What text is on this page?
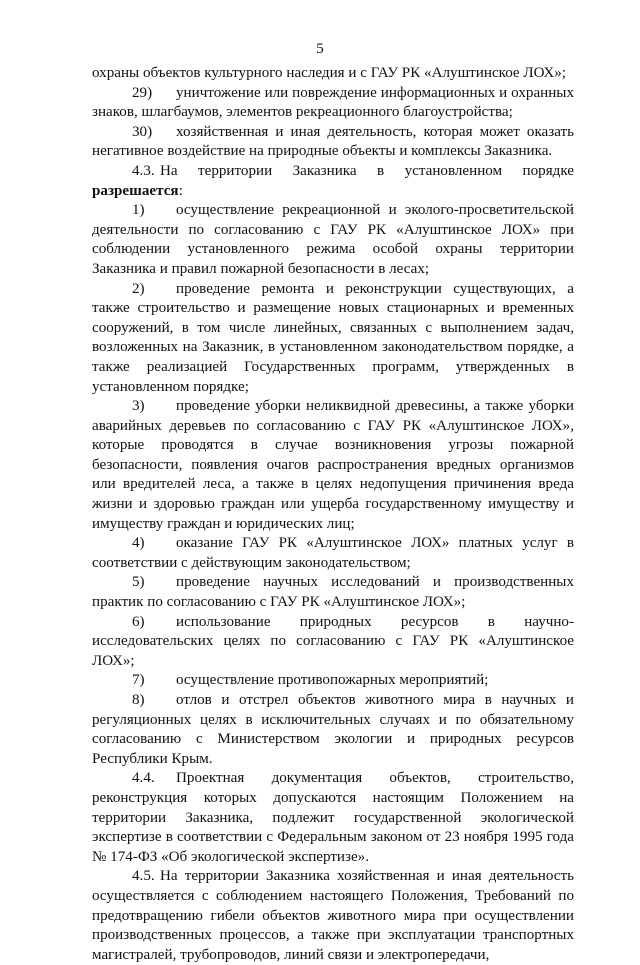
5

охраны объектов культурного наследия и с ГАУ РК «Алуштинское ЛОХ»;

29) уничтожение или повреждение информационных и охранных знаков, шлагбаумов, элементов рекреационного благоустройства;

30) хозяйственная и иная деятельность, которая может оказать негативное воздействие на природные объекты и комплексы Заказника.

4.3. На территории Заказника в установленном порядке разрешается:

1) осуществление рекреационной и эколого-просветительской деятельности по согласованию с ГАУ РК «Алуштинское ЛОХ» при соблюдении установленного режима особой охраны территории Заказника и правил пожарной безопасности в лесах;

2) проведение ремонта и реконструкции существующих, а также строительство и размещение новых стационарных и временных сооружений, в том числе линейных, связанных с выполнением задач, возложенных на Заказник, в установленном законодательством порядке, а также реализацией Государственных программ, утвержденных в установленном порядке;

3) проведение уборки неликвидной древесины, а также уборки аварийных деревьев по согласованию с ГАУ РК «Алуштинское ЛОХ», которые проводятся в случае возникновения угрозы пожарной безопасности, появления очагов распространения вредных организмов или вредителей леса, а также в целях недопущения причинения вреда жизни и здоровью граждан или ущерба государственному имуществу и имуществу граждан и юридических лиц;

4) оказание ГАУ РК «Алуштинское ЛОХ» платных услуг в соответствии с действующим законодательством;

5) проведение научных исследований и производственных практик по согласованию с ГАУ РК «Алуштинское ЛОХ»;

6) использование природных ресурсов в научно-исследовательских целях по согласованию с ГАУ РК «Алуштинское ЛОХ»;

7) осуществление противопожарных мероприятий;

8) отлов и отстрел объектов животного мира в научных и регуляционных целях в исключительных случаях и по обязательному согласованию с Министерством экологии и природных ресурсов Республики Крым.

4.4. Проектная документация объектов, строительство, реконструкция которых допускаются настоящим Положением на территории Заказника, подлежит государственной экологической экспертизе в соответствии с Федеральным законом от 23 ноября 1995 года № 174-ФЗ «Об экологической экспертизе».

4.5. На территории Заказника хозяйственная и иная деятельность осуществляется с соблюдением настоящего Положения, Требований по предотвращению гибели объектов животного мира при осуществлении производственных процессов, а также при эксплуатации транспортных магистралей, трубопроводов, линий связи и электропередачи,
